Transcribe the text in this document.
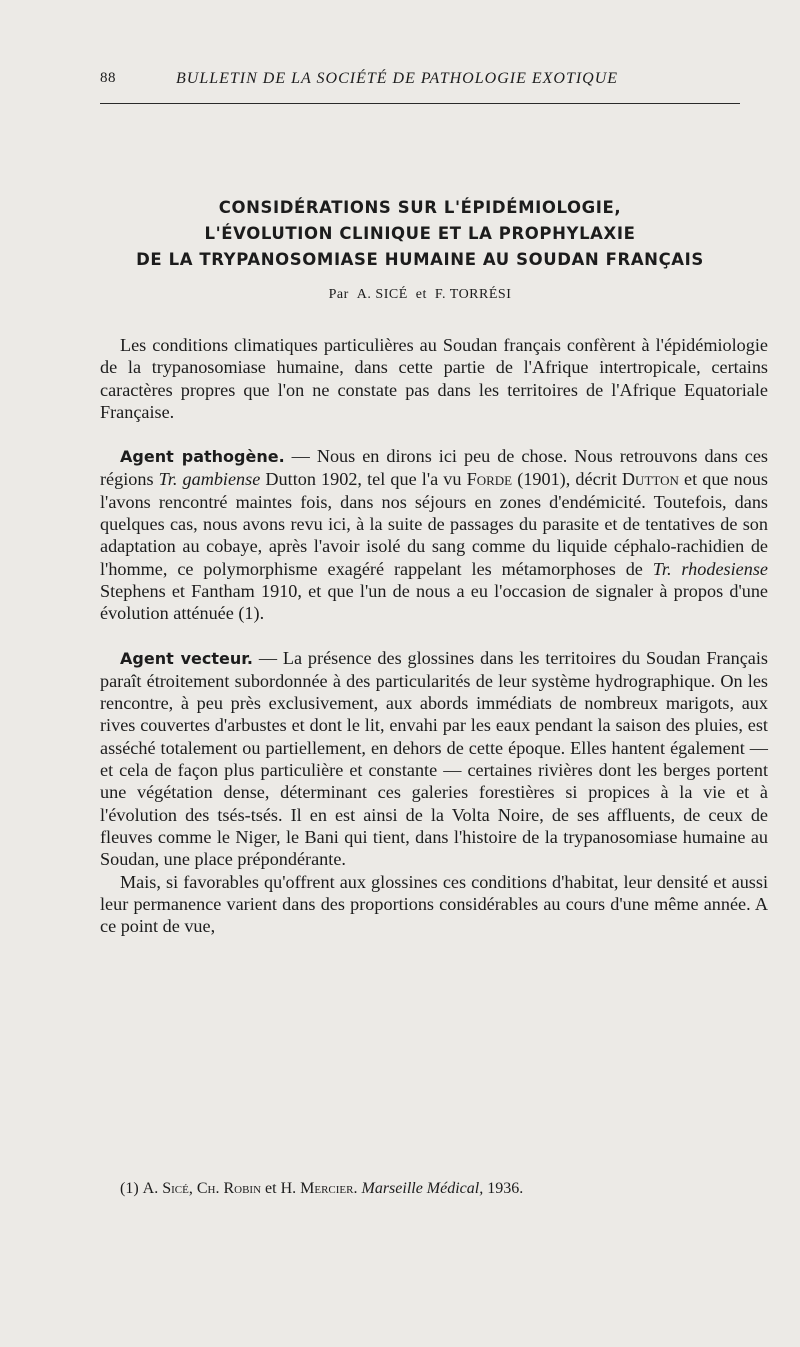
88	BULLETIN DE LA SOCIÉTÉ DE PATHOLOGIE EXOTIQUE
CONSIDÉRATIONS SUR L'ÉPIDÉMIOLOGIE,
L'ÉVOLUTION CLINIQUE ET LA PROPHYLAXIE
DE LA TRYPANOSOMIASE HUMAINE AU SOUDAN FRANÇAIS
Par A. SICÉ et F. TORRÉSI

Les conditions climatiques particulières au Soudan français confèrent à l'épidémiologie de la trypanosomiase humaine, dans cette partie de l'Afrique intertropicale, certains caractères propres que l'on ne constate pas dans les territoires de l'Afrique Equatoriale Française.

Agent pathogène. — Nous en dirons ici peu de chose. Nous retrouvons dans ces régions Tr. gambiense Dutton 1902, tel que l'a vu Forde (1901), décrit Dutton et que nous l'avons rencontré maintes fois, dans nos séjours en zones d'endémicité. Toutefois, dans quelques cas, nous avons revu ici, à la suite de passages du parasite et de tentatives de son adaptation au cobaye, après l'avoir isolé du sang comme du liquide céphalo-rachidien de l'homme, ce polymorphisme exagéré rappelant les métamorphoses de Tr. rhodesiense Stephens et Fantham 1910, et que l'un de nous a eu l'occasion de signaler à propos d'une évolution atténuée (1).

Agent vecteur. — La présence des glossines dans les territoires du Soudan Français paraît étroitement subordonnée à des particularités de leur système hydrographique. On les rencontre, à peu près exclusivement, aux abords immédiats de nombreux marigots, aux rives couvertes d'arbustes et dont le lit, envahi par les eaux pendant la saison des pluies, est asséché totalement ou partiellement, en dehors de cette époque. Elles hantent également — et cela de façon plus particulière et constante — certaines rivières dont les berges portent une végétation dense, déterminant ces galeries forestières si propices à la vie et à l'évolution des tsés-tsés. Il en est ainsi de la Volta Noire, de ses affluents, de ceux de fleuves comme le Niger, le Bani qui tient, dans l'histoire de la trypanosomiase humaine au Soudan, une place prépondérante.

Mais, si favorables qu'offrent aux glossines ces conditions d'habitat, leur densité et aussi leur permanence varient dans des proportions considérables au cours d'une même année. A ce point de vue,

(1) A. Sicé, Ch. Robin et H. Mercier. Marseille Médical, 1936.
